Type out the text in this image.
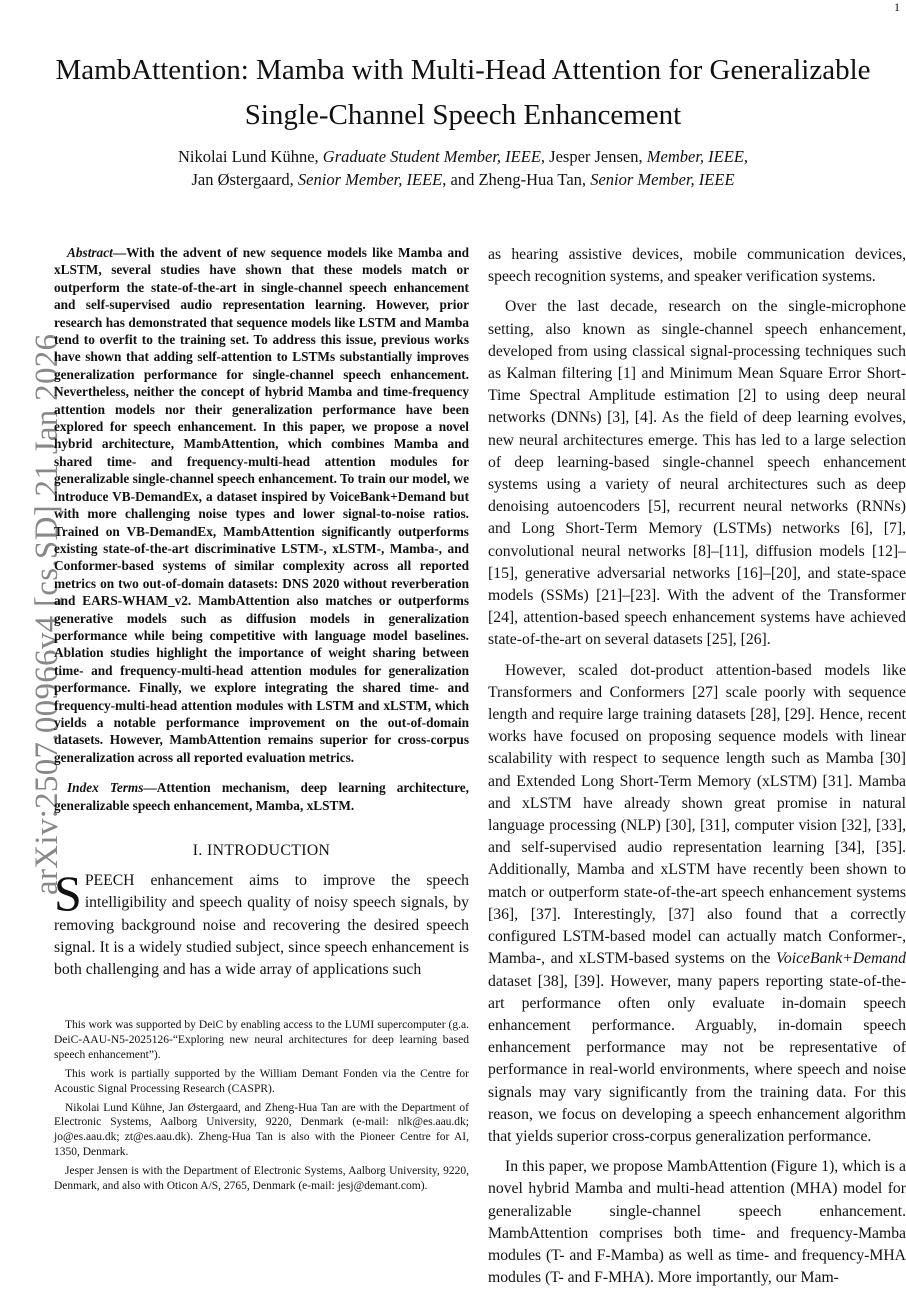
1
arXiv:2507.00966v4 [cs.SD] 21 Jan 2026
MambAttention: Mamba with Multi-Head Attention for Generalizable Single-Channel Speech Enhancement
Nikolai Lund Kühne, Graduate Student Member, IEEE, Jesper Jensen, Member, IEEE,
Jan Østergaard, Senior Member, IEEE, and Zheng-Hua Tan, Senior Member, IEEE

Abstract—With the advent of new sequence models like Mamba and xLSTM, several studies have shown that these models match or outperform the state-of-the-art in single-channel speech enhancement and self-supervised audio representation learning. However, prior research has demonstrated that sequence models like LSTM and Mamba tend to overfit to the training set. To address this issue, previous works have shown that adding self-attention to LSTMs substantially improves generalization performance for single-channel speech enhancement. Nevertheless, neither the concept of hybrid Mamba and time-frequency attention models nor their generalization performance have been explored for speech enhancement. In this paper, we propose a novel hybrid architecture, MambAttention, which combines Mamba and shared time- and frequency-multi-head attention modules for generalizable single-channel speech enhancement. To train our model, we introduce VB-DemandEx, a dataset inspired by VoiceBank+Demand but with more challenging noise types and lower signal-to-noise ratios. Trained on VB-DemandEx, MambAttention significantly outperforms existing state-of-the-art discriminative LSTM-, xLSTM-, Mamba-, and Conformer-based systems of similar complexity across all reported metrics on two out-of-domain datasets: DNS 2020 without reverberation and EARS-WHAM_v2. MambAttention also matches or outperforms generative models such as diffusion models in generalization performance while being competitive with language model baselines. Ablation studies highlight the importance of weight sharing between time- and frequency-multi-head attention modules for generalization performance. Finally, we explore integrating the shared time- and frequency-multi-head attention modules with LSTM and xLSTM, which yields a notable performance improvement on the out-of-domain datasets. However, MambAttention remains superior for cross-corpus generalization across all reported evaluation metrics.

Index Terms—Attention mechanism, deep learning architecture, generalizable speech enhancement, Mamba, xLSTM.

I. INTRODUCTION

SPEECH enhancement aims to improve the speech intelligibility and speech quality of noisy speech signals, by removing background noise and recovering the desired speech signal. It is a widely studied subject, since speech enhancement is both challenging and has a wide array of applications such

This work was supported by DeiC by enabling access to the LUMI supercomputer (g.a. DeiC-AAU-N5-2025126-“Exploring new neural architectures for deep learning based speech enhancement”).

This work is partially supported by the William Demant Fonden via the Centre for Acoustic Signal Processing Research (CASPR).

Nikolai Lund Kühne, Jan Østergaard, and Zheng-Hua Tan are with the Department of Electronic Systems, Aalborg University, 9220, Denmark (e-mail: nlk@es.aau.dk; jo@es.aau.dk; zt@es.aau.dk). Zheng-Hua Tan is also with the Pioneer Centre for AI, 1350, Denmark.

Jesper Jensen is with the Department of Electronic Systems, Aalborg University, 9220, Denmark, and also with Oticon A/S, 2765, Denmark (e-mail: jesj@demant.com).

as hearing assistive devices, mobile communication devices, speech recognition systems, and speaker verification systems.

Over the last decade, research on the single-microphone setting, also known as single-channel speech enhancement, developed from using classical signal-processing techniques such as Kalman filtering [1] and Minimum Mean Square Error Short-Time Spectral Amplitude estimation [2] to using deep neural networks (DNNs) [3], [4]. As the field of deep learning evolves, new neural architectures emerge. This has led to a large selection of deep learning-based single-channel speech enhancement systems using a variety of neural architectures such as deep denoising autoencoders [5], recurrent neural networks (RNNs) and Long Short-Term Memory (LSTMs) networks [6], [7], convolutional neural networks [8]–[11], diffusion models [12]–[15], generative adversarial networks [16]–[20], and state-space models (SSMs) [21]–[23]. With the advent of the Transformer [24], attention-based speech enhancement systems have achieved state-of-the-art on several datasets [25], [26].

However, scaled dot-product attention-based models like Transformers and Conformers [27] scale poorly with sequence length and require large training datasets [28], [29]. Hence, recent works have focused on proposing sequence models with linear scalability with respect to sequence length such as Mamba [30] and Extended Long Short-Term Memory (xLSTM) [31]. Mamba and xLSTM have already shown great promise in natural language processing (NLP) [30], [31], computer vision [32], [33], and self-supervised audio representation learning [34], [35]. Additionally, Mamba and xLSTM have recently been shown to match or outperform state-of-the-art speech enhancement systems [36], [37]. Interestingly, [37] also found that a correctly configured LSTM-based model can actually match Conformer-, Mamba-, and xLSTM-based systems on the VoiceBank+Demand dataset [38], [39]. However, many papers reporting state-of-the-art performance often only evaluate in-domain speech enhancement performance. Arguably, in-domain speech enhancement performance may not be representative of performance in real-world environments, where speech and noise signals may vary significantly from the training data. For this reason, we focus on developing a speech enhancement algorithm that yields superior cross-corpus generalization performance.

In this paper, we propose MambAttention (Figure 1), which is a novel hybrid Mamba and multi-head attention (MHA) model for generalizable single-channel speech enhancement. MambAttention comprises both time- and frequency-Mamba modules (T- and F-Mamba) as well as time- and frequency-MHA modules (T- and F-MHA). More importantly, our Mam-
